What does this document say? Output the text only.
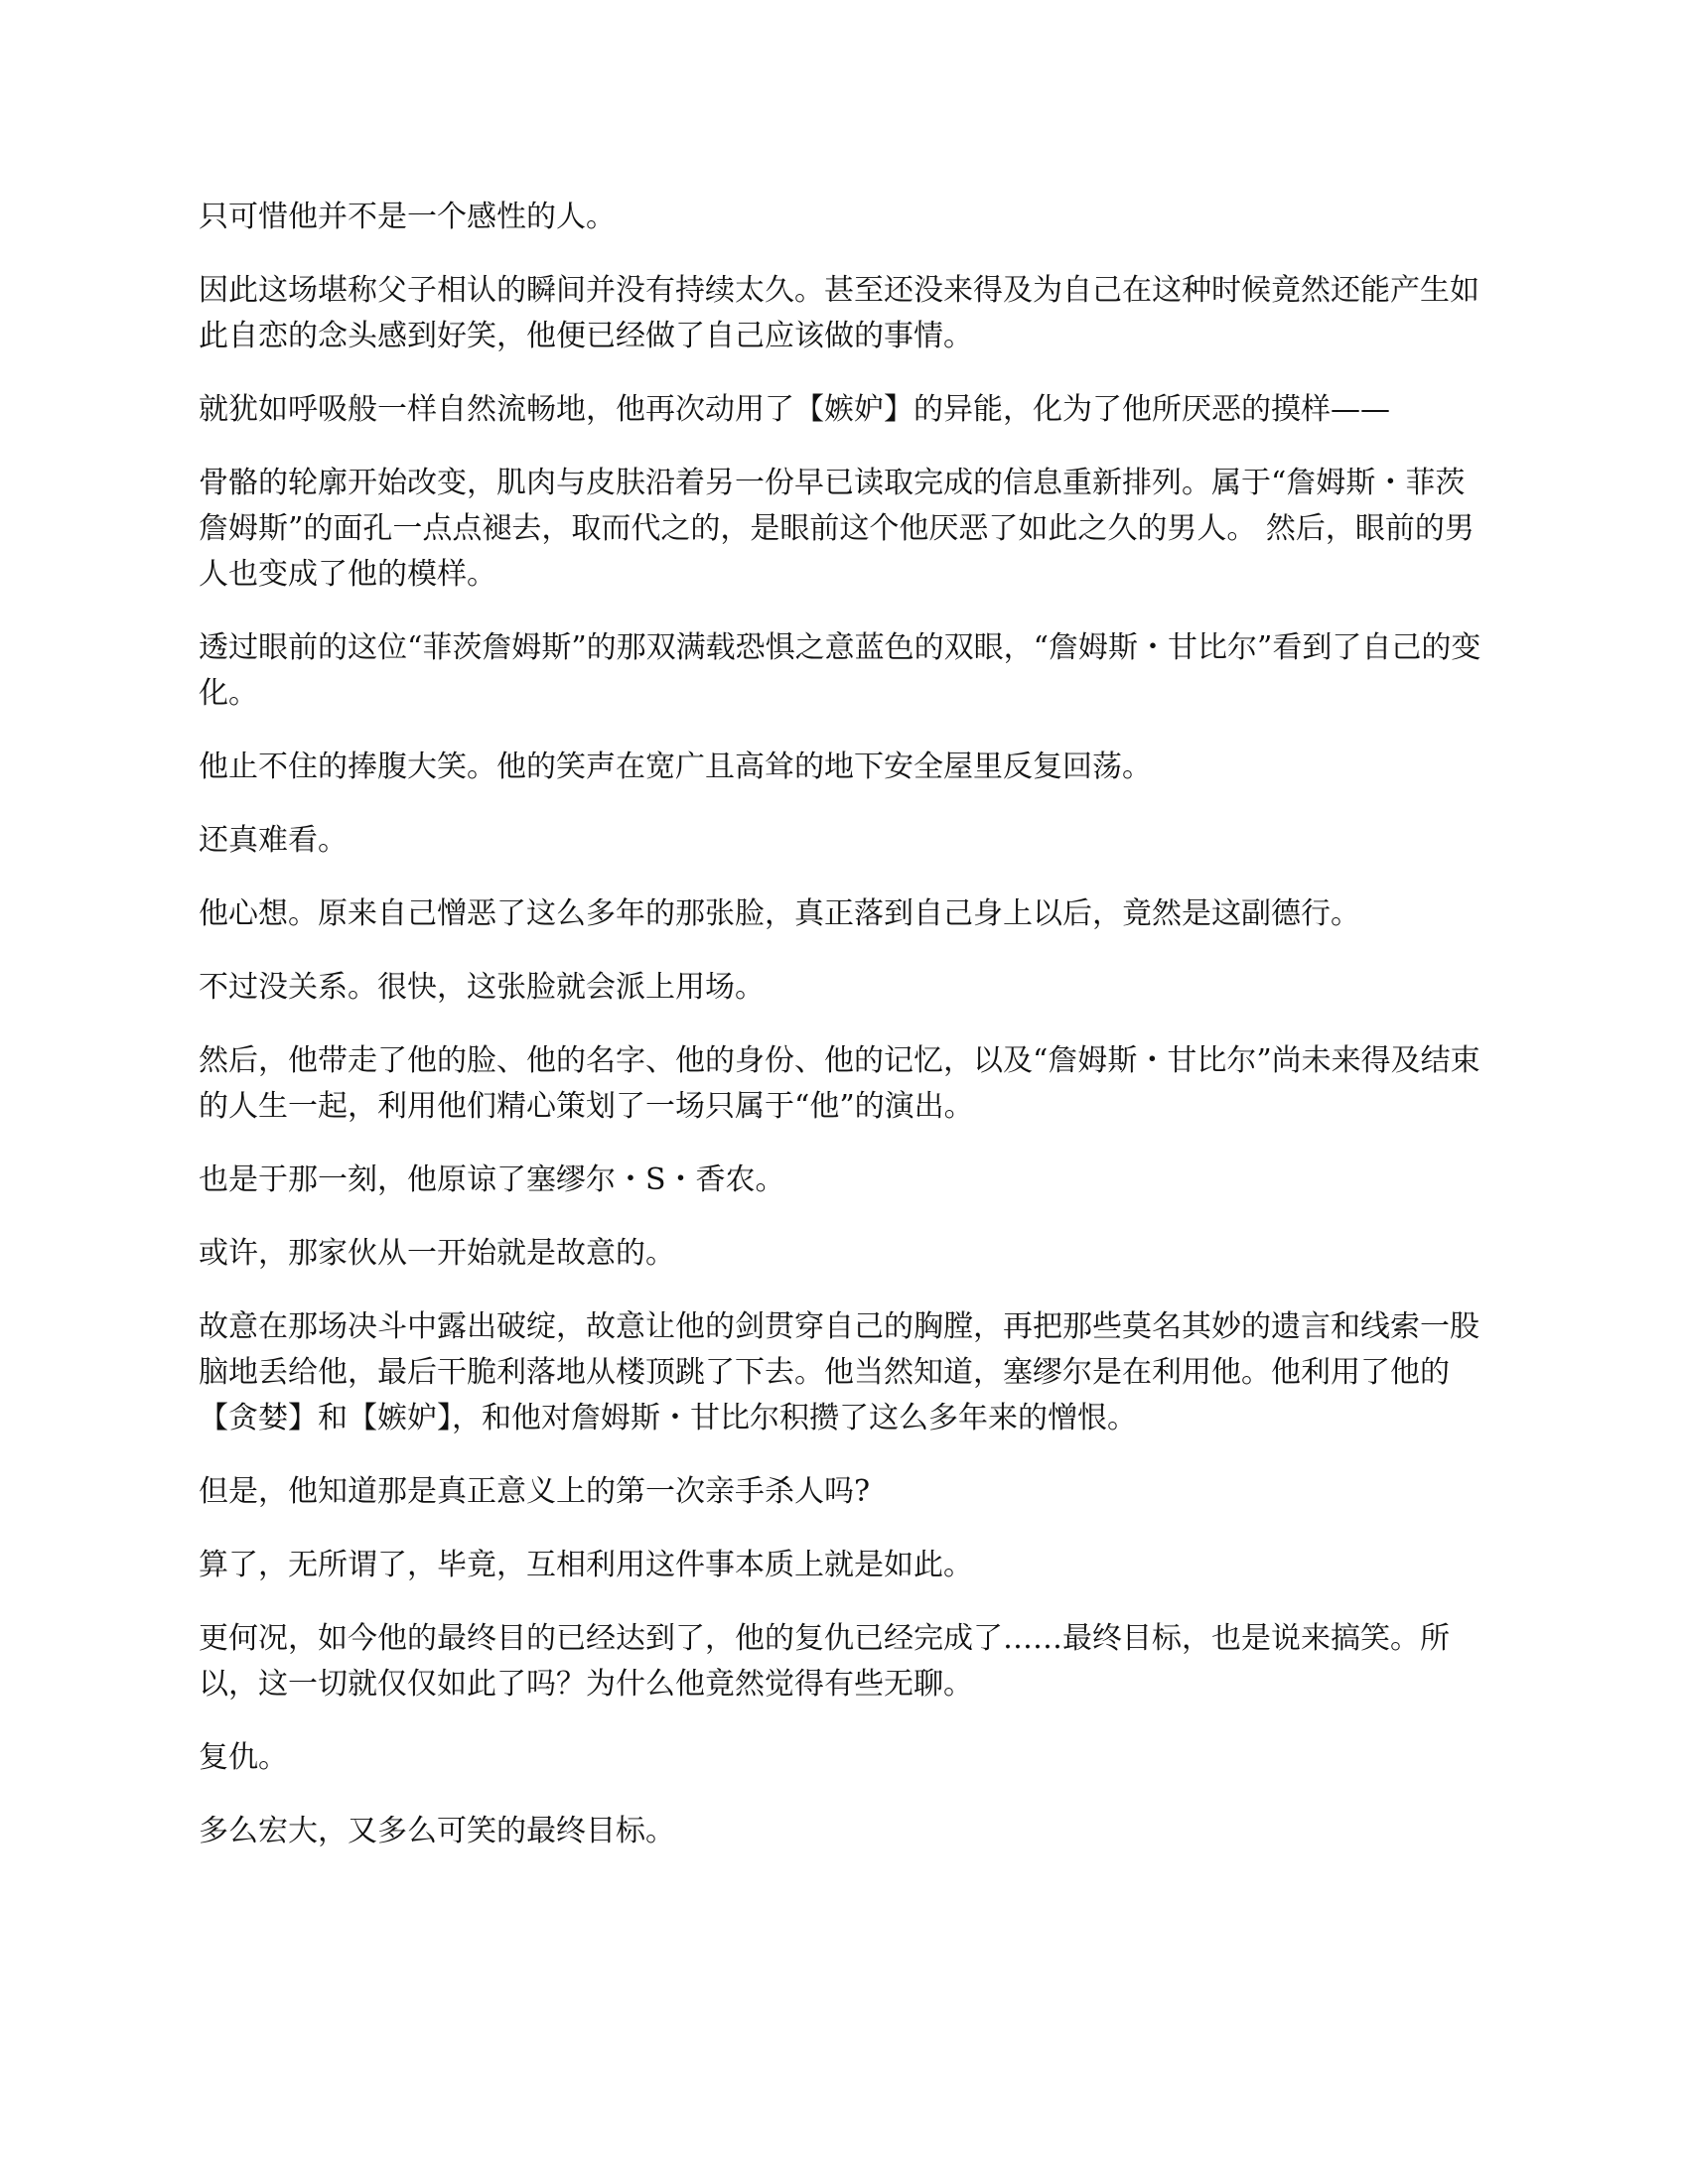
只可惜他并不是一个感性的人。

因此这场堪称父子相认的瞬间并没有持续太久。甚至还没来得及为自己在这种时候竟然还能产生如此自恋的念头感到好笑，他便已经做了自己应该做的事情。

就犹如呼吸般一样自然流畅地，他再次动用了【嫉妒】的异能，化为了他所厌恶的摸样——

骨骼的轮廓开始改变，肌肉与皮肤沿着另一份早已读取完成的信息重新排列。属于“詹姆斯・菲茨詹姆斯”的面孔一点点褪去，取而代之的，是眼前这个他厌恶了如此之久的男人。 然后，眼前的男人也变成了他的模样。

透过眼前的这位“菲茨詹姆斯”的那双满载恐惧之意蓝色的双眼，“詹姆斯・甘比尔”看到了自己的变化。

他止不住的捧腹大笑。他的笑声在宽广且高耸的地下安全屋里反复回荡。

还真难看。

他心想。原来自己憎恶了这么多年的那张脸，真正落到自己身上以后，竟然是这副德行。

不过没关系。很快，这张脸就会派上用场。

然后，他带走了他的脸、他的名字、他的身份、他的记忆，以及“詹姆斯・甘比尔”尚未来得及结束的人生一起，利用他们精心策划了一场只属于“他”的演出。

也是于那一刻，他原谅了塞缪尔・S・香农。

或许，那家伙从一开始就是故意的。

故意在那场决斗中露出破绽，故意让他的剑贯穿自己的胸膛，再把那些莫名其妙的遗言和线索一股脑地丢给他，最后干脆利落地从楼顶跳了下去。他当然知道，塞缪尔是在利用他。他利用了他的【贪婪】和【嫉妒】，和他对詹姆斯・甘比尔积攒了这么多年来的憎恨。

但是，他知道那是真正意义上的第一次亲手杀人吗?

算了，无所谓了，毕竟，互相利用这件事本质上就是如此。

更何况，如今他的最终目的已经达到了，他的复仇已经完成了……最终目标，也是说来搞笑。所以，这一切就仅仅如此了吗？为什么他竟然觉得有些无聊。

复仇。

多么宏大，又多么可笑的最终目标。
